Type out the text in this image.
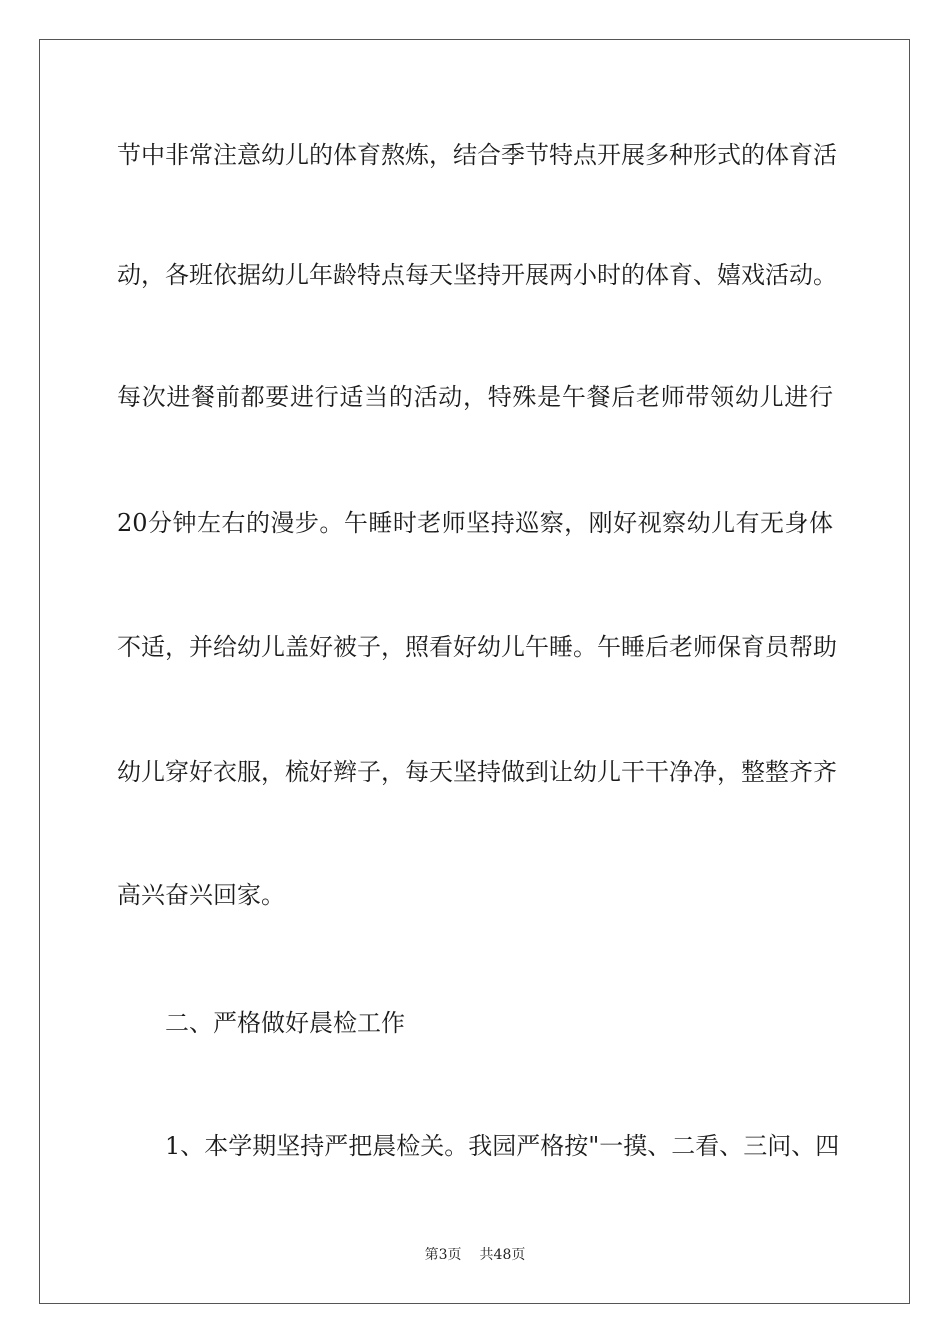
节中非常注意幼儿的体育熬炼，结合季节特点开展多种形式的体育活
动，各班依据幼儿年龄特点每天坚持开展两小时的体育、嬉戏活动。
每次进餐前都要进行适当的活动，特殊是午餐后老师带领幼儿进行
20分钟左右的漫步。午睡时老师坚持巡察，刚好视察幼儿有无身体
不适，并给幼儿盖好被子，照看好幼儿午睡。午睡后老师保育员帮助
幼儿穿好衣服，梳好辫子，每天坚持做到让幼儿干干净净，整整齐齐
高兴奋兴回家。
二、严格做好晨检工作
1、本学期坚持严把晨检关。我园严格按"一摸、二看、三问、四
第3页 共48页
